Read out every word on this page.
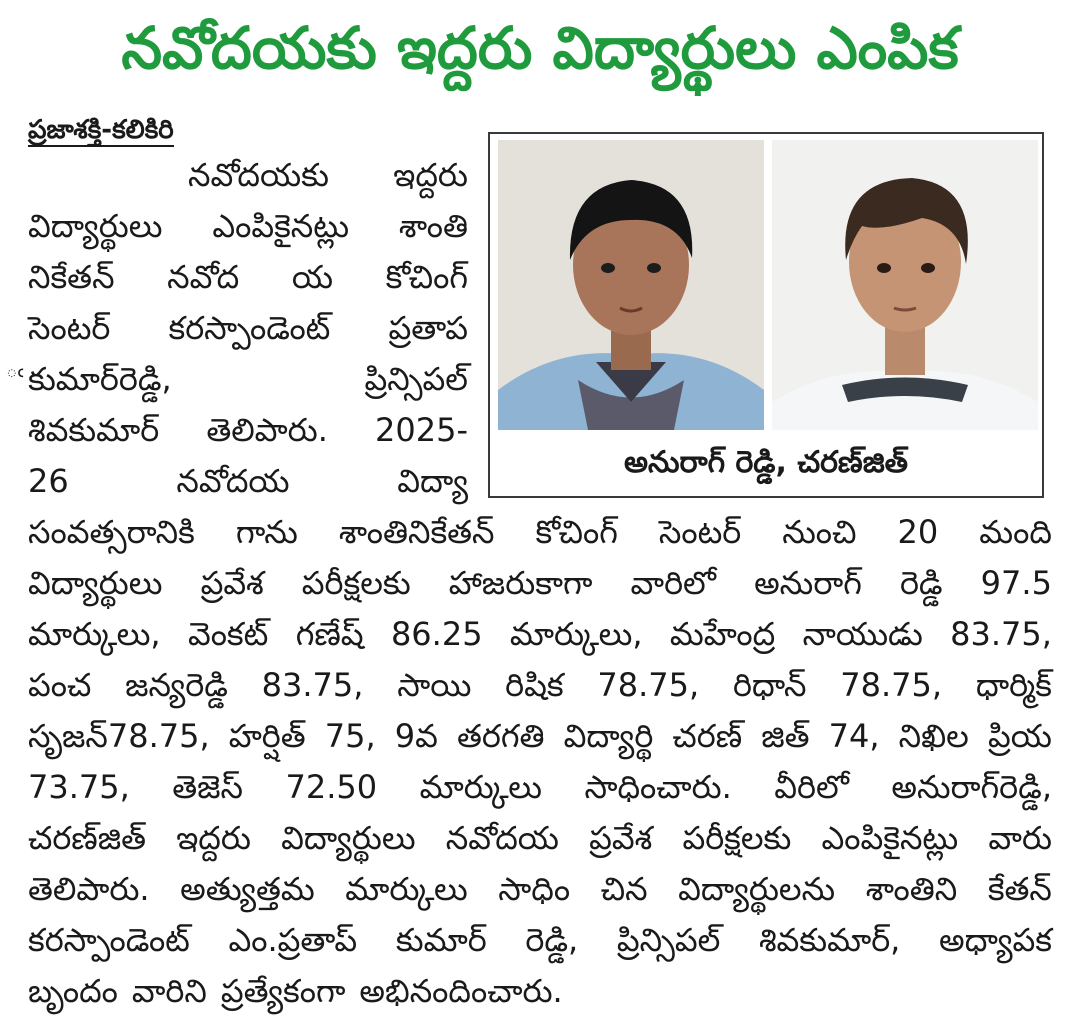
నవోదయకు ఇద్దరు విద్యార్థులు ఎంపిక
ప్రజాశక్తి-కలికిరి
ఁ
నవోదయకు ఇద్దరు
విద్యార్థులు ఎంపికైనట్లు శాంతి
నికేతన్ నవోద య కోచింగ్
సెంటర్ కరస్పాండెంట్ ప్రతాప
కుమార్‌రెడ్డి,	ప్రిన్సిపల్
శివకుమార్ తెలిపారు. 2025-
26	నవోదయ	విద్యా	అనురాగ్ రెడ్డి, చరణ్‌జిత్
సంవత్సరానికి గాను శాంతినికేతన్ కోచింగ్ సెంటర్ నుంచి 20 మంది
విద్యార్థులు ప్రవేశ పరీక్షలకు హాజరుకాగా వారిలో అనురాగ్ రెడ్డి 97.5
మార్కులు, వెంకట్ గణేష్ 86.25 మార్కులు, మహేంద్ర నాయుడు 83.75,
పంచ జన్యరెడ్డి 83.75, సాయి రిషిక 78.75, రిధాన్ 78.75, ధార్మిక్
సృజన్78.75, హర్షిత్ 75, 9వ తరగతి విద్యార్థి చరణ్ జిత్ 74, నిఖిల ప్రియ
73.75, తెజెస్ 72.50 మార్కులు సాధించారు. వీరిలో అనురాగ్‌రెడ్డి,
చరణ్‌జిత్ ఇద్దరు విద్యార్థులు నవోదయ ప్రవేశ పరీక్షలకు ఎంపికైనట్లు వారు
తెలిపారు. అత్యుత్తమ మార్కులు సాధిం చిన విద్యార్థులను శాంతిని కేతన్
కరస్పాండెంట్ ఎం.ప్రతాప్ కుమార్ రెడ్డి, ప్రిన్సిపల్ శివకుమార్, అధ్యాపక
బృందం వారిని ప్రత్యేకంగా అభినందించారు.
